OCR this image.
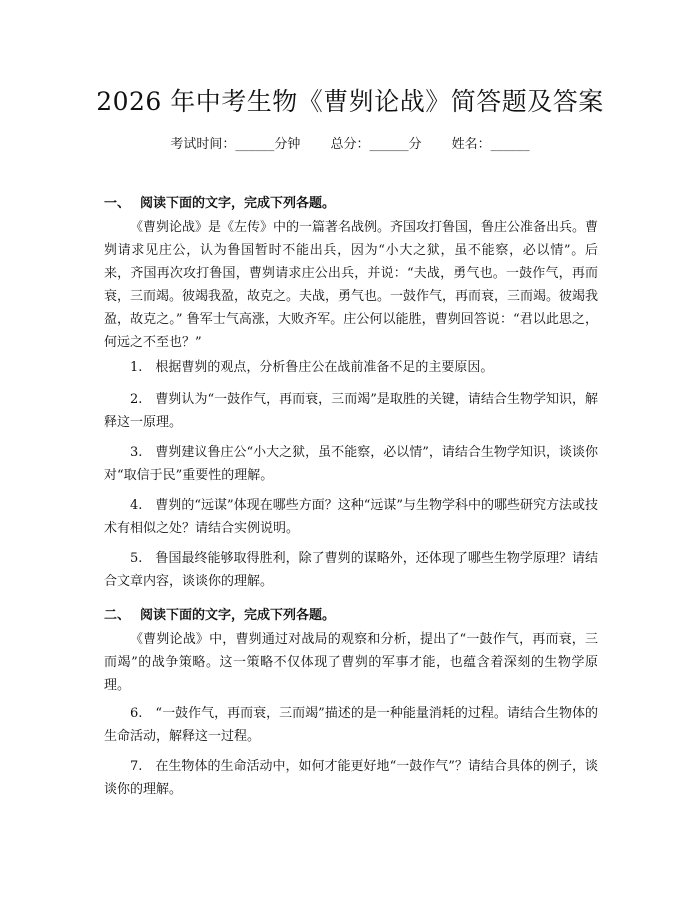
2026 年中考生物《曹刿论战》简答题及答案
考试时间：______分钟 总分：______分 姓名：______
一、 阅读下面的文字，完成下列各题。
《曹刿论战》是《左传》中的一篇著名战例。齐国攻打鲁国，鲁庄公准备出兵。曹刿请求见庄公，认为鲁国暂时不能出兵，因为“小大之狱，虽不能察，必以情”。后来，齐国再次攻打鲁国，曹刿请求庄公出兵，并说：“夫战，勇气也。一鼓作气，再而衰，三而竭。彼竭我盈，故克之。夫战，勇气也。一鼓作气，再而衰，三而竭。彼竭我盈，故克之。” 鲁军士气高涨，大败齐军。庄公何以能胜，曹刿回答说：“君以此思之，何远之不至也？”
1.　根据曹刿的观点，分析鲁庄公在战前准备不足的主要原因。
2.　曹刿认为“一鼓作气，再而衰，三而竭”是取胜的关键，请结合生物学知识，解释这一原理。
3.　曹刿建议鲁庄公“小大之狱，虽不能察，必以情”，请结合生物学知识，谈谈你对“取信于民”重要性的理解。
4.　曹刿的“远谋”体现在哪些方面？这种“远谋”与生物学科中的哪些研究方法或技术有相似之处？请结合实例说明。
5.　鲁国最终能够取得胜利，除了曹刿的谋略外，还体现了哪些生物学原理？请结合文章内容，谈谈你的理解。
二、 阅读下面的文字，完成下列各题。
《曹刿论战》中，曹刿通过对战局的观察和分析，提出了“一鼓作气，再而衰，三而竭”的战争策略。这一策略不仅体现了曹刿的军事才能，也蕴含着深刻的生物学原理。
6.　“一鼓作气，再而衰，三而竭”描述的是一种能量消耗的过程。请结合生物体的生命活动，解释这一过程。
7.　在生物体的生命活动中，如何才能更好地“一鼓作气”？请结合具体的例子，谈谈你的理解。
